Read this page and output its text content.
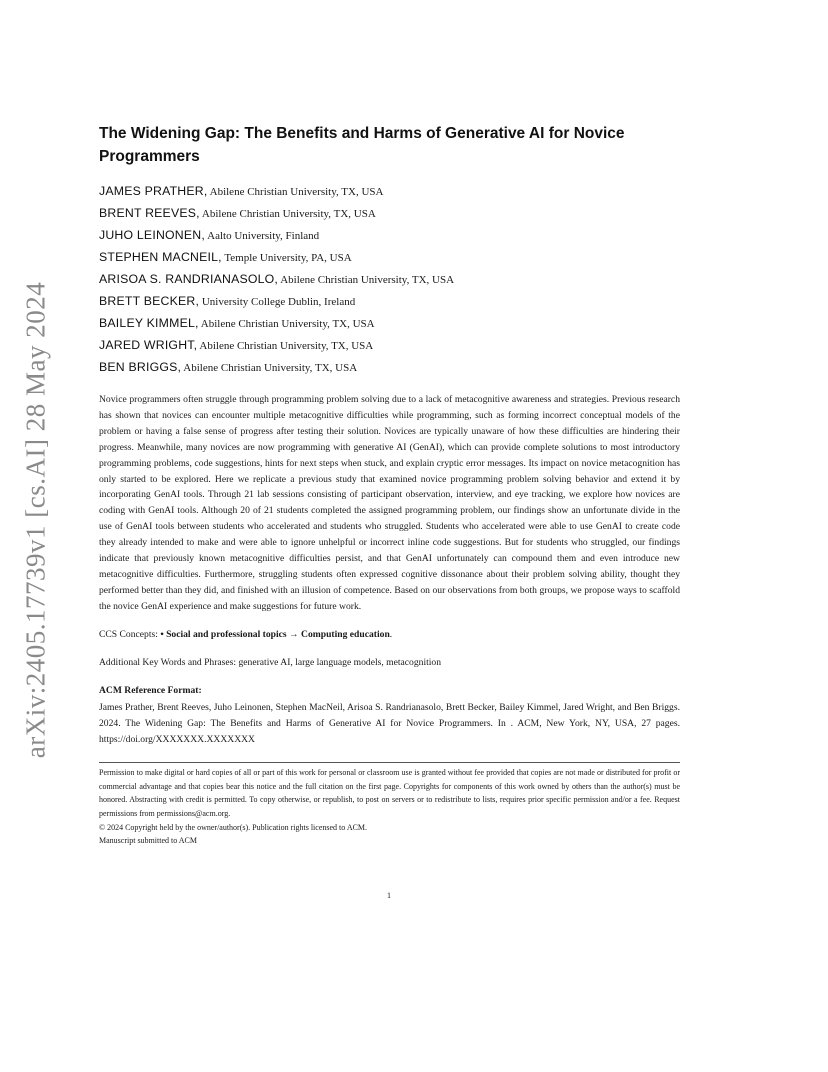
arXiv:2405.17739v1 [cs.AI] 28 May 2024
The Widening Gap: The Benefits and Harms of Generative AI for Novice
Programmers
JAMES PRATHER, Abilene Christian University, TX, USA
BRENT REEVES, Abilene Christian University, TX, USA
JUHO LEINONEN, Aalto University, Finland
STEPHEN MACNEIL, Temple University, PA, USA
ARISOA S. RANDRIANASOLO, Abilene Christian University, TX, USA
BRETT BECKER, University College Dublin, Ireland
BAILEY KIMMEL, Abilene Christian University, TX, USA
JARED WRIGHT, Abilene Christian University, TX, USA
BEN BRIGGS, Abilene Christian University, TX, USA

Novice programmers often struggle through programming problem solving due to a lack of metacognitive awareness and strategies. Previous research has shown that novices can encounter multiple metacognitive difficulties while programming, such as forming incorrect conceptual models of the problem or having a false sense of progress after testing their solution. Novices are typically unaware of how these difficulties are hindering their progress. Meanwhile, many novices are now programming with generative AI (GenAI), which can provide complete solutions to most introductory programming problems, code suggestions, hints for next steps when stuck, and explain cryptic error messages. Its impact on novice metacognition has only started to be explored. Here we replicate a previous study that examined novice programming problem solving behavior and extend it by incorporating GenAI tools. Through 21 lab sessions consisting of participant observation, interview, and eye tracking, we explore how novices are coding with GenAI tools. Although 20 of 21 students completed the assigned programming problem, our findings show an unfortunate divide in the use of GenAI tools between students who accelerated and students who struggled. Students who accelerated were able to use GenAI to create code they already intended to make and were able to ignore unhelpful or incorrect inline code suggestions. But for students who struggled, our findings indicate that previously known metacognitive difficulties persist, and that GenAI unfortunately can compound them and even introduce new metacognitive difficulties. Furthermore, struggling students often expressed cognitive dissonance about their problem solving ability, thought they performed better than they did, and finished with an illusion of competence. Based on our observations from both groups, we propose ways to scaffold the novice GenAI experience and make suggestions for future work.

CCS Concepts: • Social and professional topics → Computing education.

Additional Key Words and Phrases: generative AI, large language models, metacognition

ACM Reference Format:

James Prather, Brent Reeves, Juho Leinonen, Stephen MacNeil, Arisoa S. Randrianasolo, Brett Becker, Bailey Kimmel, Jared Wright, and Ben Briggs. 2024. The Widening Gap: The Benefits and Harms of Generative AI for Novice Programmers. In . ACM, New York, NY, USA, 27 pages. https://doi.org/XXXXXXX.XXXXXXX

Permission to make digital or hard copies of all or part of this work for personal or classroom use is granted without fee provided that copies are not made or distributed for profit or commercial advantage and that copies bear this notice and the full citation on the first page. Copyrights for components of this work owned by others than the author(s) must be honored. Abstracting with credit is permitted. To copy otherwise, or republish, to post on servers or to redistribute to lists, requires prior specific permission and/or a fee. Request permissions from permissions@acm.org.

© 2024 Copyright held by the owner/author(s). Publication rights licensed to ACM.

Manuscript submitted to ACM

1
